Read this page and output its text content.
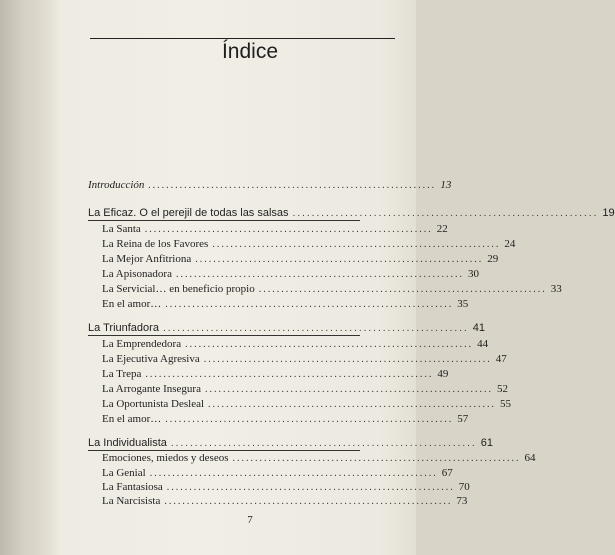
Índice
Introducción ................................................................ 13
La Eficaz. O el perejil de todas las salsas ................................................................ 19
La Santa ................................................................ 22
La Reina de los Favores ................................................................ 24
La Mejor Anfitriona ................................................................ 29
La Apisonadora ................................................................ 30
La Servicial… en beneficio propio ................................................................ 33
En el amor… ................................................................ 35
La Triunfadora ................................................................ 41
La Emprendedora ................................................................ 44
La Ejecutiva Agresiva ................................................................ 47
La Trepa ................................................................ 49
La Arrogante Insegura ................................................................ 52
La Oportunista Desleal ................................................................ 55
En el amor… ................................................................ 57
La Individualista ................................................................ 61
Emociones, miedos y deseos ................................................................ 64
La Genial ................................................................ 67
La Fantasiosa ................................................................ 70
La Narcisista ................................................................ 73
7
